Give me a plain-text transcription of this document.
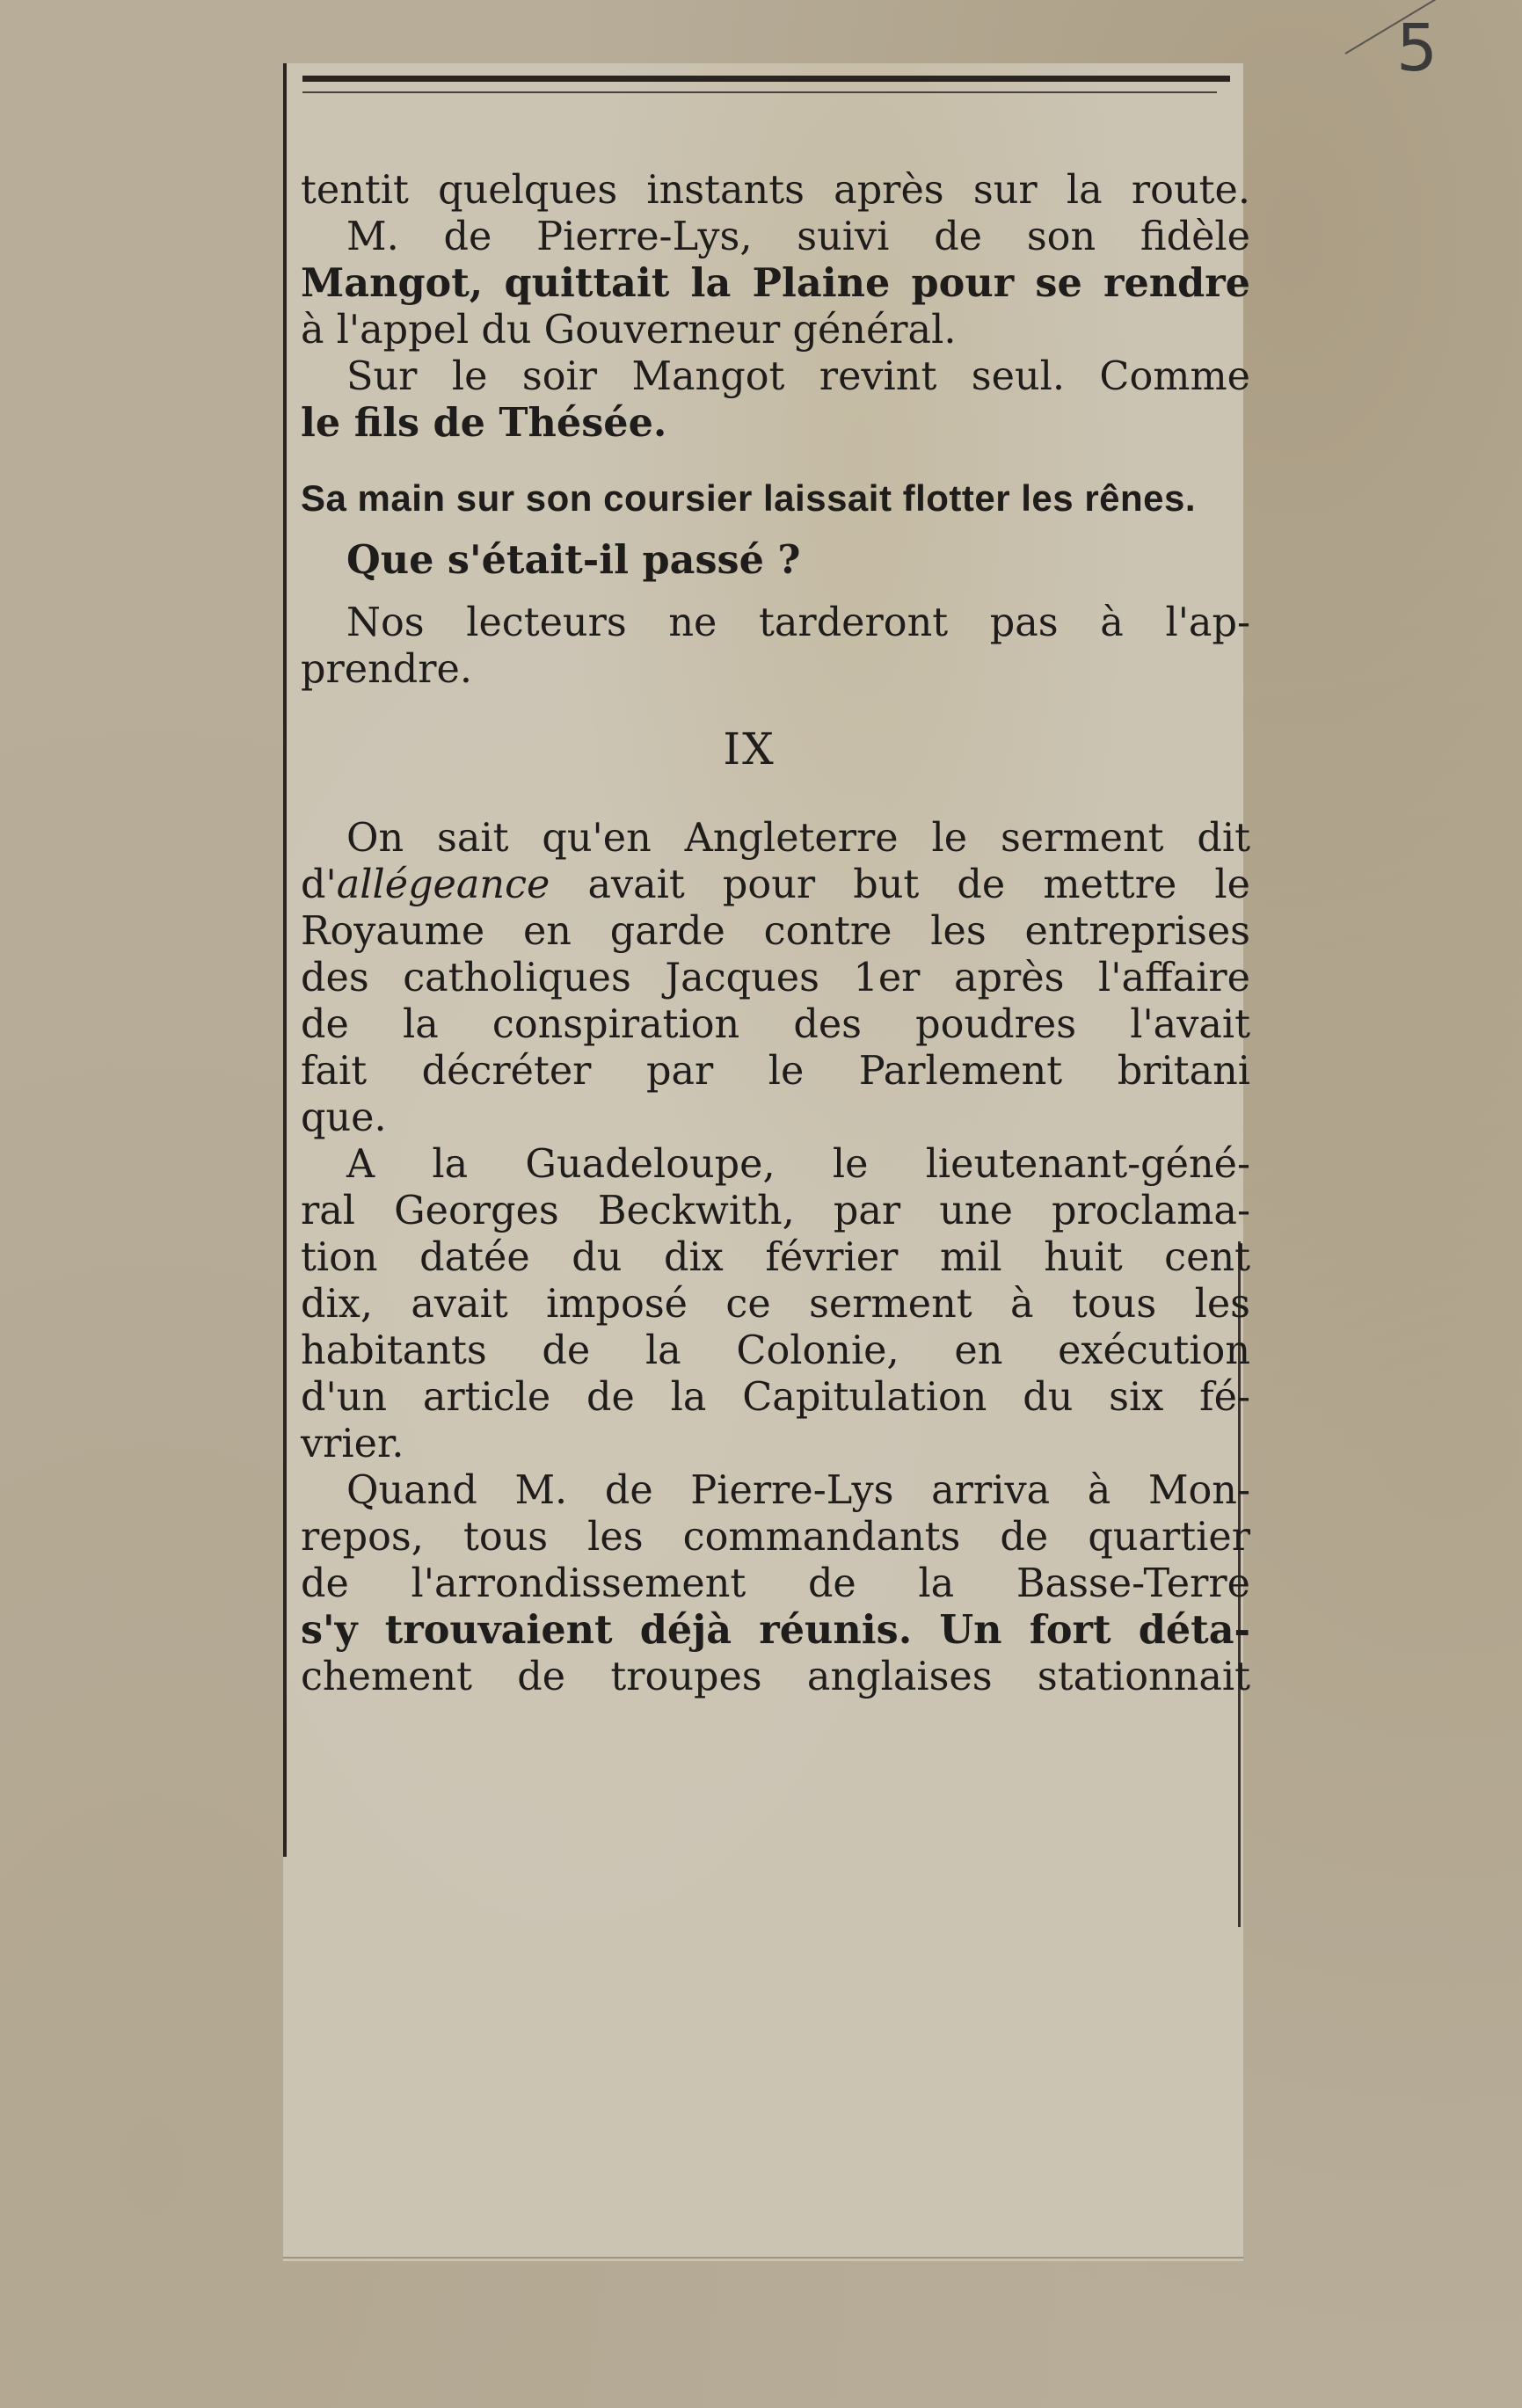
5

tentit quelques instants après sur la route.

M. de Pierre-Lys, suivi de son fidèle

Mangot, quittait la Plaine pour se rendre

à l'appel du Gouverneur général.

Sur le soir Mangot revint seul. Comme

le fils de Thésée.

Sa main sur son coursier laissait flotter les rênes.

Que s'était-il passé ?

Nos lecteurs ne tarderont pas à l'ap-

prendre.

IX

On sait qu'en Angleterre le serment dit

d'allégeance avait pour but de mettre le

Royaume en garde contre les entreprises

des catholiques Jacques 1er après l'affaire

de la conspiration des poudres l'avait

fait décréter par le Parlement britani

que.

A la Guadeloupe, le lieutenant-géné-

ral Georges Beckwith, par une proclama-

tion datée du dix février mil huit cent

dix, avait imposé ce serment à tous les

habitants de la Colonie, en exécution

d'un article de la Capitulation du six fé-

vrier.

Quand M. de Pierre-Lys arriva à Mon-

repos, tous les commandants de quartier

de l'arrondissement de la Basse-Terre

s'y trouvaient déjà réunis. Un fort déta-

chement de troupes anglaises stationnait
